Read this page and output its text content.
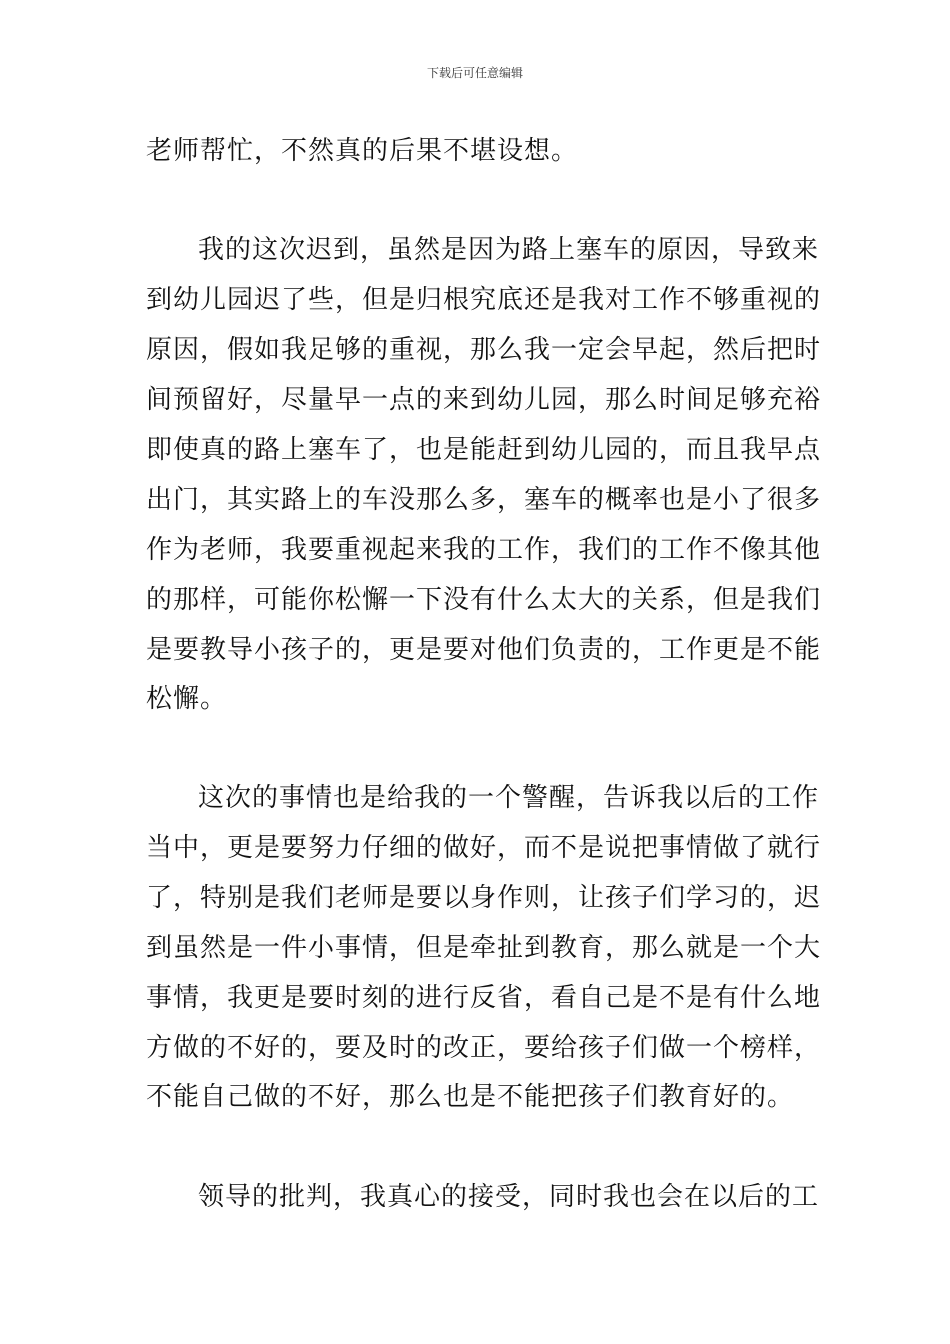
下载后可任意编辑
老师帮忙，不然真的后果不堪设想。
我的这次迟到，虽然是因为路上塞车的原因，导致来
到幼儿园迟了些，但是归根究底还是我对工作不够重视的
原因，假如我足够的重视，那么我一定会早起，然后把时
间预留好，尽量早一点的来到幼儿园，那么时间足够充裕
即使真的路上塞车了，也是能赶到幼儿园的，而且我早点
出门，其实路上的车没那么多，塞车的概率也是小了很多
作为老师，我要重视起来我的工作，我们的工作不像其他
的那样，可能你松懈一下没有什么太大的关系，但是我们
是要教导小孩子的，更是要对他们负责的，工作更是不能
松懈。
这次的事情也是给我的一个警醒，告诉我以后的工作
当中，更是要努力仔细的做好，而不是说把事情做了就行
了，特别是我们老师是要以身作则，让孩子们学习的，迟
到虽然是一件小事情，但是牵扯到教育，那么就是一个大
事情，我更是要时刻的进行反省，看自己是不是有什么地
方做的不好的，要及时的改正，要给孩子们做一个榜样，
不能自己做的不好，那么也是不能把孩子们教育好的。
领导的批判，我真心的接受，同时我也会在以后的工
